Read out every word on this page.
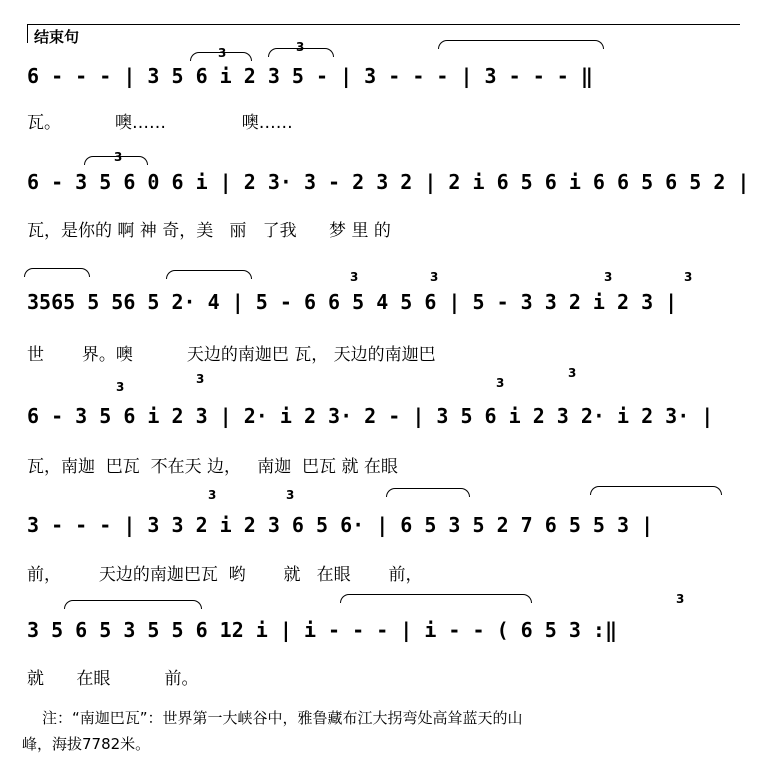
结束句
6 - - - | 3 5 6 i 2 3 5 - | 3 - - - | 3 - - - ‖
瓦。          噢……              噢……
3	3
6 - 3 5 6 0 6 i | 2 3· 3 - 2 3 2 | 2 i 6 5 6 i 6 6 5 6 5 2 |
瓦，是你的 啊 神 奇，美   丽   了我      梦 里 的
3
3565 5 56 5 2· 4 | 5 - 6 6 5 4 5 6 | 5 - 3 3 2 i 2 3 |
世       界。噢          天边的南迦巴 瓦， 天边的南迦巴
3	3	3	3
6 - 3 5 6 i 2 3 | 2· i 2 3· 2 - | 3 5 6 i 2 3 2· i 2 3· |
瓦，南迦  巴瓦  不在天 边，   南迦  巴瓦 就 在眼
3
3	3
3
3 - - - | 3 3 2 i 2 3 6 5 6· | 6 5 3 5 2 7 6 5 5 3 |
前，       天边的南迦巴瓦  哟       就   在眼       前，
3	3
3 5 6 5 3 5 5 6 12 i | i - - - | i - - ( 6 5 3 :‖
就      在眼          前。
3
注：“南迦巴瓦”：世界第一大峡谷中，雅鲁藏布江大拐弯处高耸蓝天的山
峰，海拔7782米。
